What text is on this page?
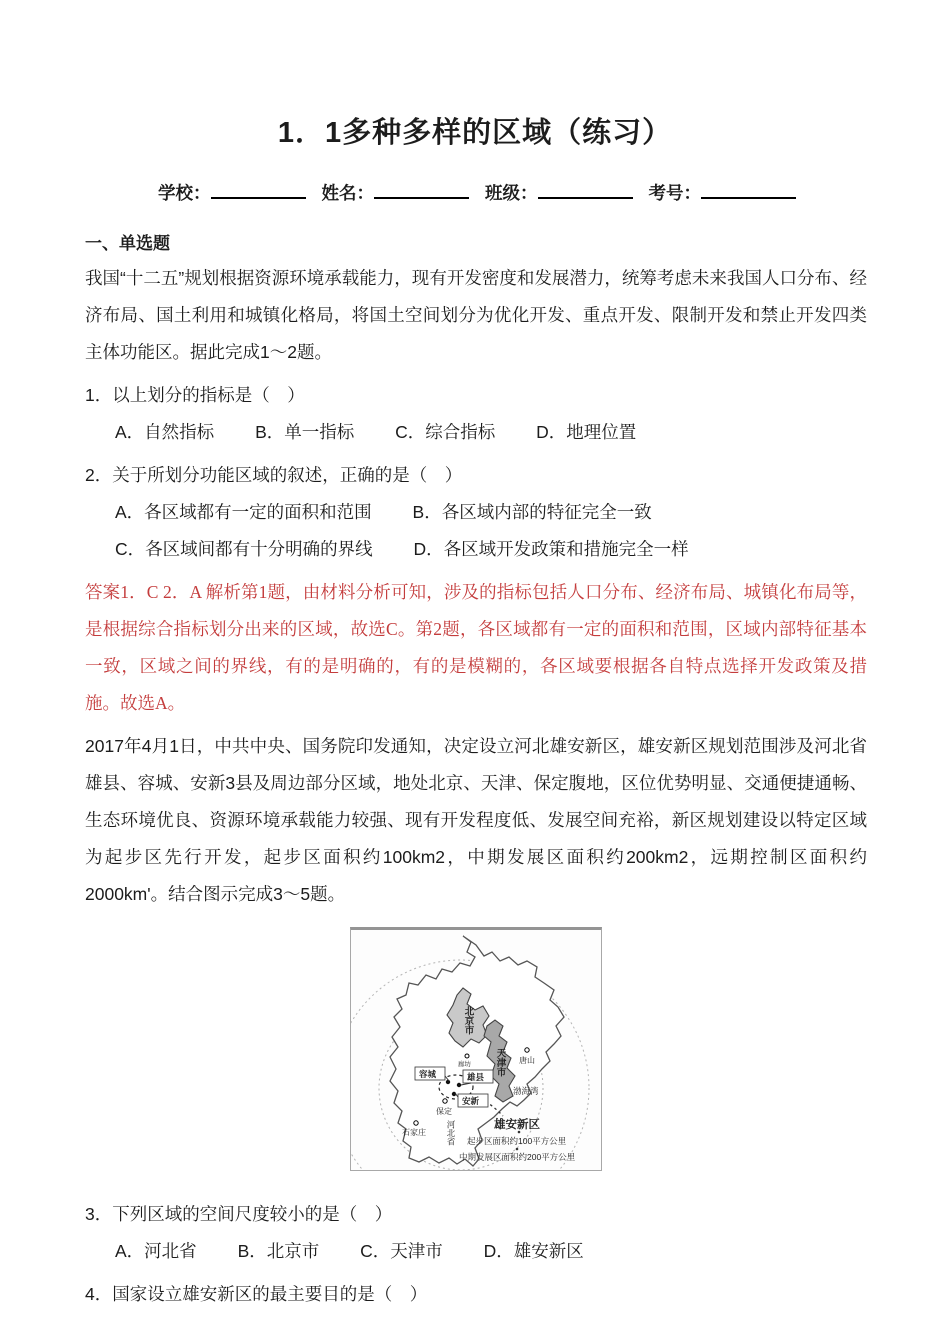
1．1多种多样的区域（练习）
学校：	姓名：	班级：	考号：
一、单选题

我国“十二五”规划根据资源环境承载能力，现有开发密度和发展潜力，统筹考虑未来我国人口分布、经济布局、国土利用和城镇化格局，将国土空间划分为优化开发、重点开发、限制开发和禁止开发四类主体功能区。据此完成1～2题。

1．以上划分的指标是（　）
A．自然指标 B．单一指标 C．综合指标 D．地理位置
2．关于所划分功能区域的叙述，正确的是（　）
A．各区域都有一定的面积和范围 B．各区域内部的特征完全一致
C．各区域间都有十分明确的界线 D．各区域开发政策和措施完全一样

答案1．C 2．A 解析第1题，由材料分析可知，涉及的指标包括人口分布、经济布局、城镇化布局等，是根据综合指标划分出来的区域，故选C。第2题，各区域都有一定的面积和范围，区域内部特征基本一致，区域之间的界线，有的是明确的，有的是模糊的，各区域要根据各自特点选择开发政策及措施。故选A。

2017年4月1日，中共中央、国务院印发通知，决定设立河北雄安新区，雄安新区规划范围涉及河北省雄县、容城、安新3县及周边部分区域，地处北京、天津、保定腹地，区位优势明显、交通便捷通畅、生态环境优良、资源环境承载能力较强、现有开发程度低、发展空间充裕，新区规划建设以特定区域为起步区先行开发，起步区面积约100km2，中期发展区面积约200km2，远期控制区面积约2000km'。结合图示完成3～5题。

北京市
天津市
河北省
廊坊	唐山
渤海湾
保定
石家庄
容城	雄县
安新
雄安新区
起步区面积约100平方公里
中期发展区面积约200平方公里
3．下列区域的空间尺度较小的是（　）
A．河北省 B．北京市 C．天津市 D．雄安新区
4．国家设立雄安新区的最主要目的是（　）
